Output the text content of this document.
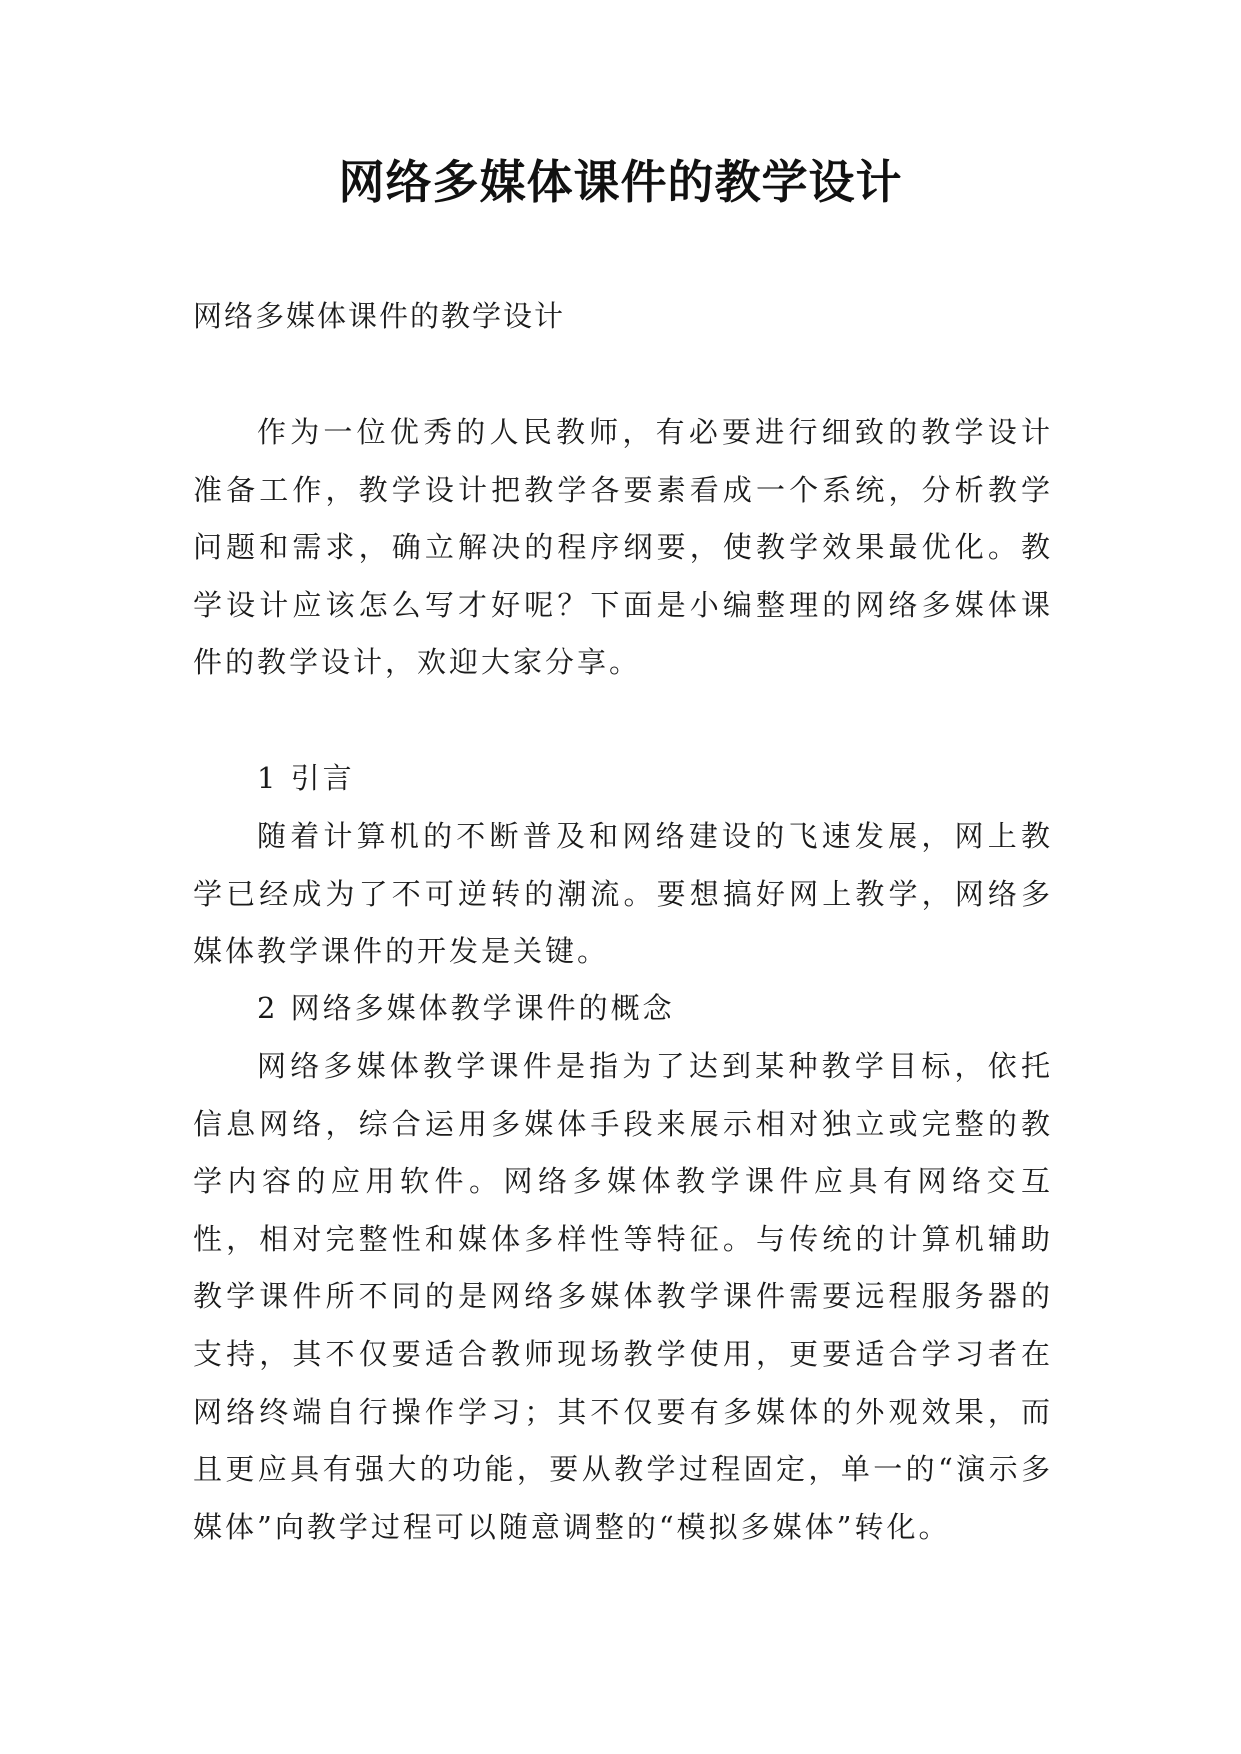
网络多媒体课件的教学设计
网络多媒体课件的教学设计

作为一位优秀的人民教师，有必要进行细致的教学设计准备工作，教学设计把教学各要素看成一个系统，分析教学问题和需求，确立解决的程序纲要，使教学效果最优化。教学设计应该怎么写才好呢？下面是小编整理的网络多媒体课件的教学设计，欢迎大家分享。

1 引言

随着计算机的不断普及和网络建设的飞速发展，网上教学已经成为了不可逆转的潮流。要想搞好网上教学，网络多媒体教学课件的开发是关键。

2 网络多媒体教学课件的概念

网络多媒体教学课件是指为了达到某种教学目标，依托信息网络，综合运用多媒体手段来展示相对独立或完整的教学内容的应用软件。网络多媒体教学课件应具有网络交互性，相对完整性和媒体多样性等特征。与传统的计算机辅助教学课件所不同的是网络多媒体教学课件需要远程服务器的支持，其不仅要适合教师现场教学使用，更要适合学习者在网络终端自行操作学习；其不仅要有多媒体的外观效果，而且更应具有强大的功能，要从教学过程固定，单一的“演示多媒体”向教学过程可以随意调整的“模拟多媒体”转化。
